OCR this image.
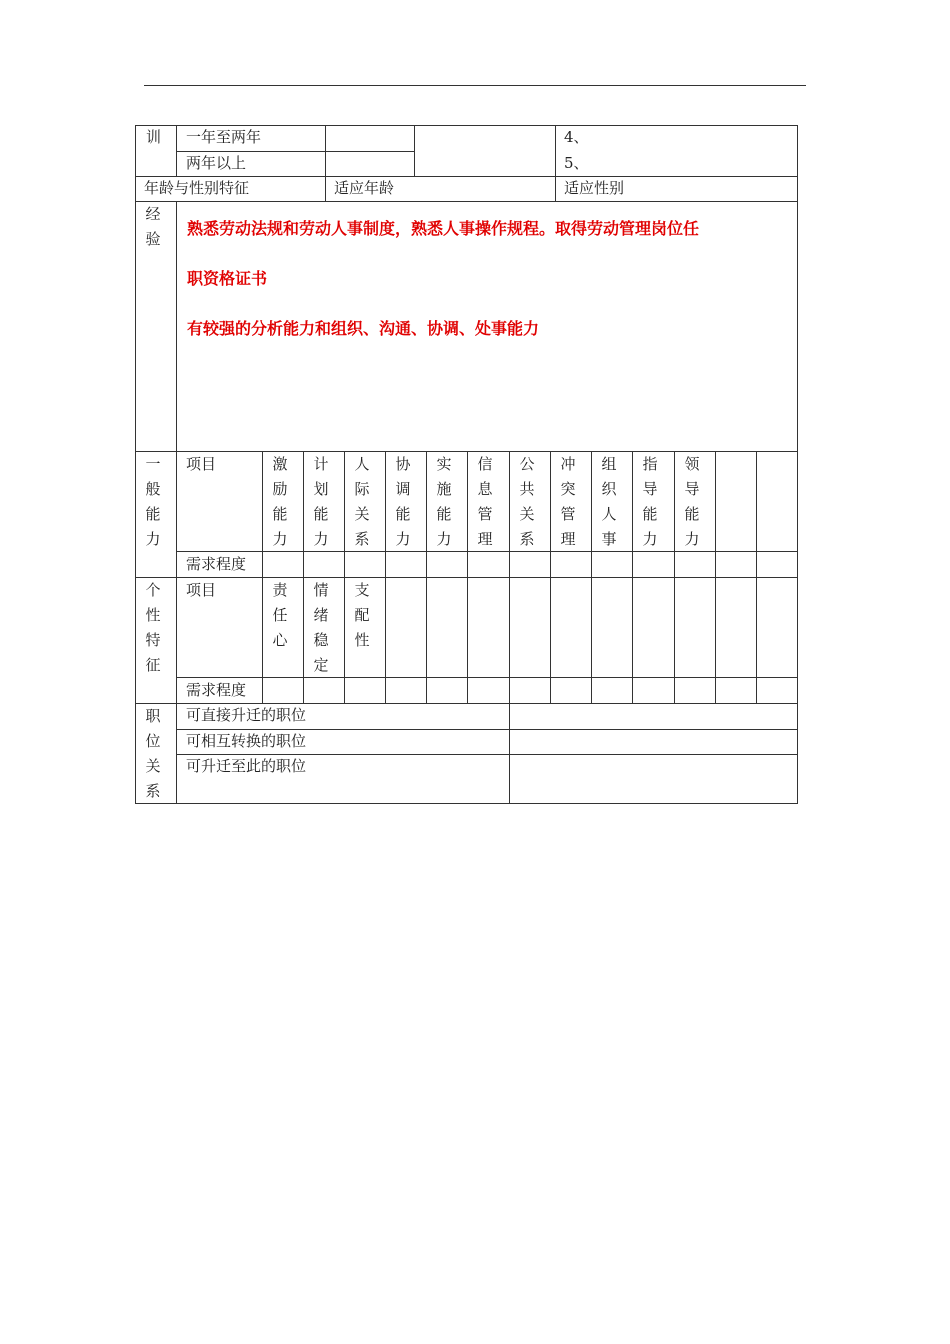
训 一年至两年
两年以上
4、
5、
年龄与性别特征	适应年龄	适应性别
经验
熟悉劳动法规和劳动人事制度，熟悉人事操作规程。取得劳动管理岗位任
职资格证书
有较强的分析能力和组织、沟通、协调、处事能力
一般能力
项目
需求程度
激励能力
计划能力
人际关系
协调能力
实施能力
信息管理
公共关系
冲突管理
组织人事
指导能力
领导能力
个性特征
项目
需求程度
责任心
情绪稳定
支配性
职位关系
可直接升迁的职位
可相互转换的职位
可升迁至此的职位
